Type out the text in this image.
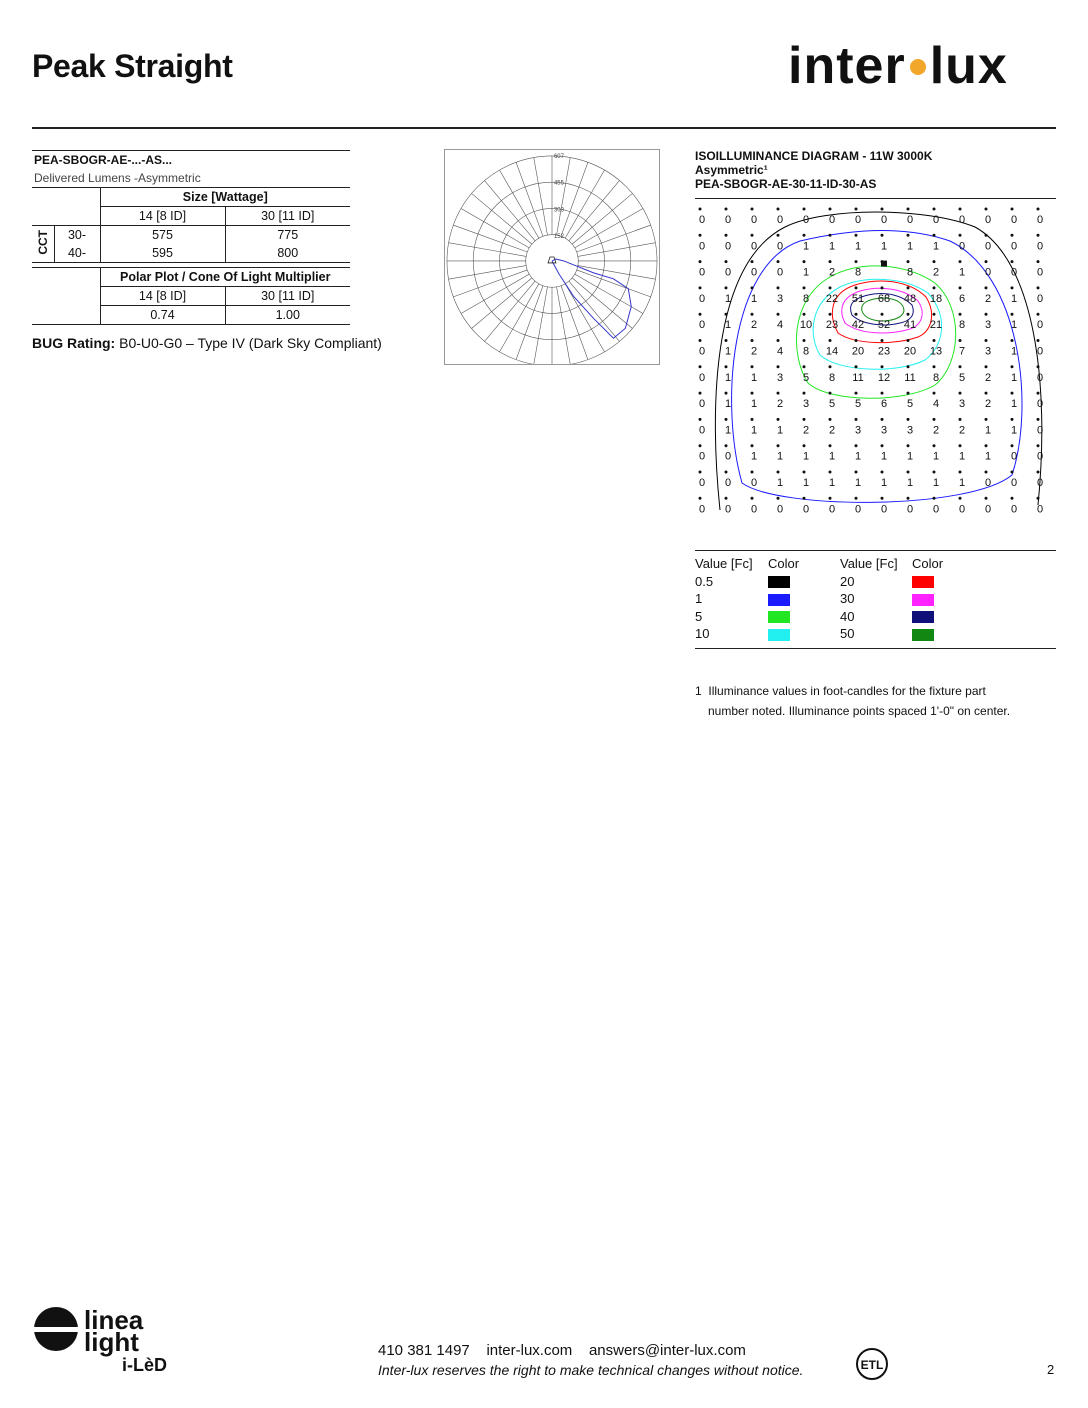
Peak Straight	inter lux
PEA-SBOGR-AE-...-AS...			
Delivered Lumens -Asymmetric			
		Size [Wattage]	
		14 [8 ID]	30 [11 ID]
CCT	30-	575	775
	40-	595	800

		Polar Plot / Cone Of Light Multiplier	
		14 [8 ID]	30 [11 ID]
		0.74	1.00
BUG Rating: B0-U0-G0 – Type IV (Dark Sky Compliant)
607
455
303
152
ISOILLUMINANCE DIAGRAM - 11W 3000K
Asymmetric¹
PEA-SBOGR-AE-30-11-ID-30-AS
0 0 0 0 0 0 0 0 0 0 0 0 0 0
0 0 0 0 1 1 1 1 1 1 0 0 0 0
0 0 0 0 1 2 8	8 2 1 0 0 0
0 1 1 3 8 22 51 68 48 18 6 2 1 0
0 1 2 4 10 23 42 52 41 21 8 3 1 0
0 1 2 4 8 14 20 23 20 13 7 3 1 0
0 1 1 3 5 8 11 12 11 8 5 2 1 0
0 1 1 2 3 5 5 6 5 4 3 2 1 0
0 1 1 1 2 2 3 3 3 2 2 1 1 0
0 0 1 1 1 1 1 1 1 1 1 1 0 0
0 0 0 1 1 1 1 1 1 1 1 0 0 0
0 0 0 0 0 0 0 0 0 0 0 0 0 0
Value [Fc]	Color	Value [Fc]	Color
0.5		20	
1		30	
5		40	
10		50	
1 Illuminance values in foot-candles for the fixture part
number noted. Illuminance points spaced 1'-0" on center.
linea
light
i-LèD
410 381 1497 inter-lux.com answers@inter-lux.com
Inter-lux reserves the right to make technical changes without notice.	ETL	2
